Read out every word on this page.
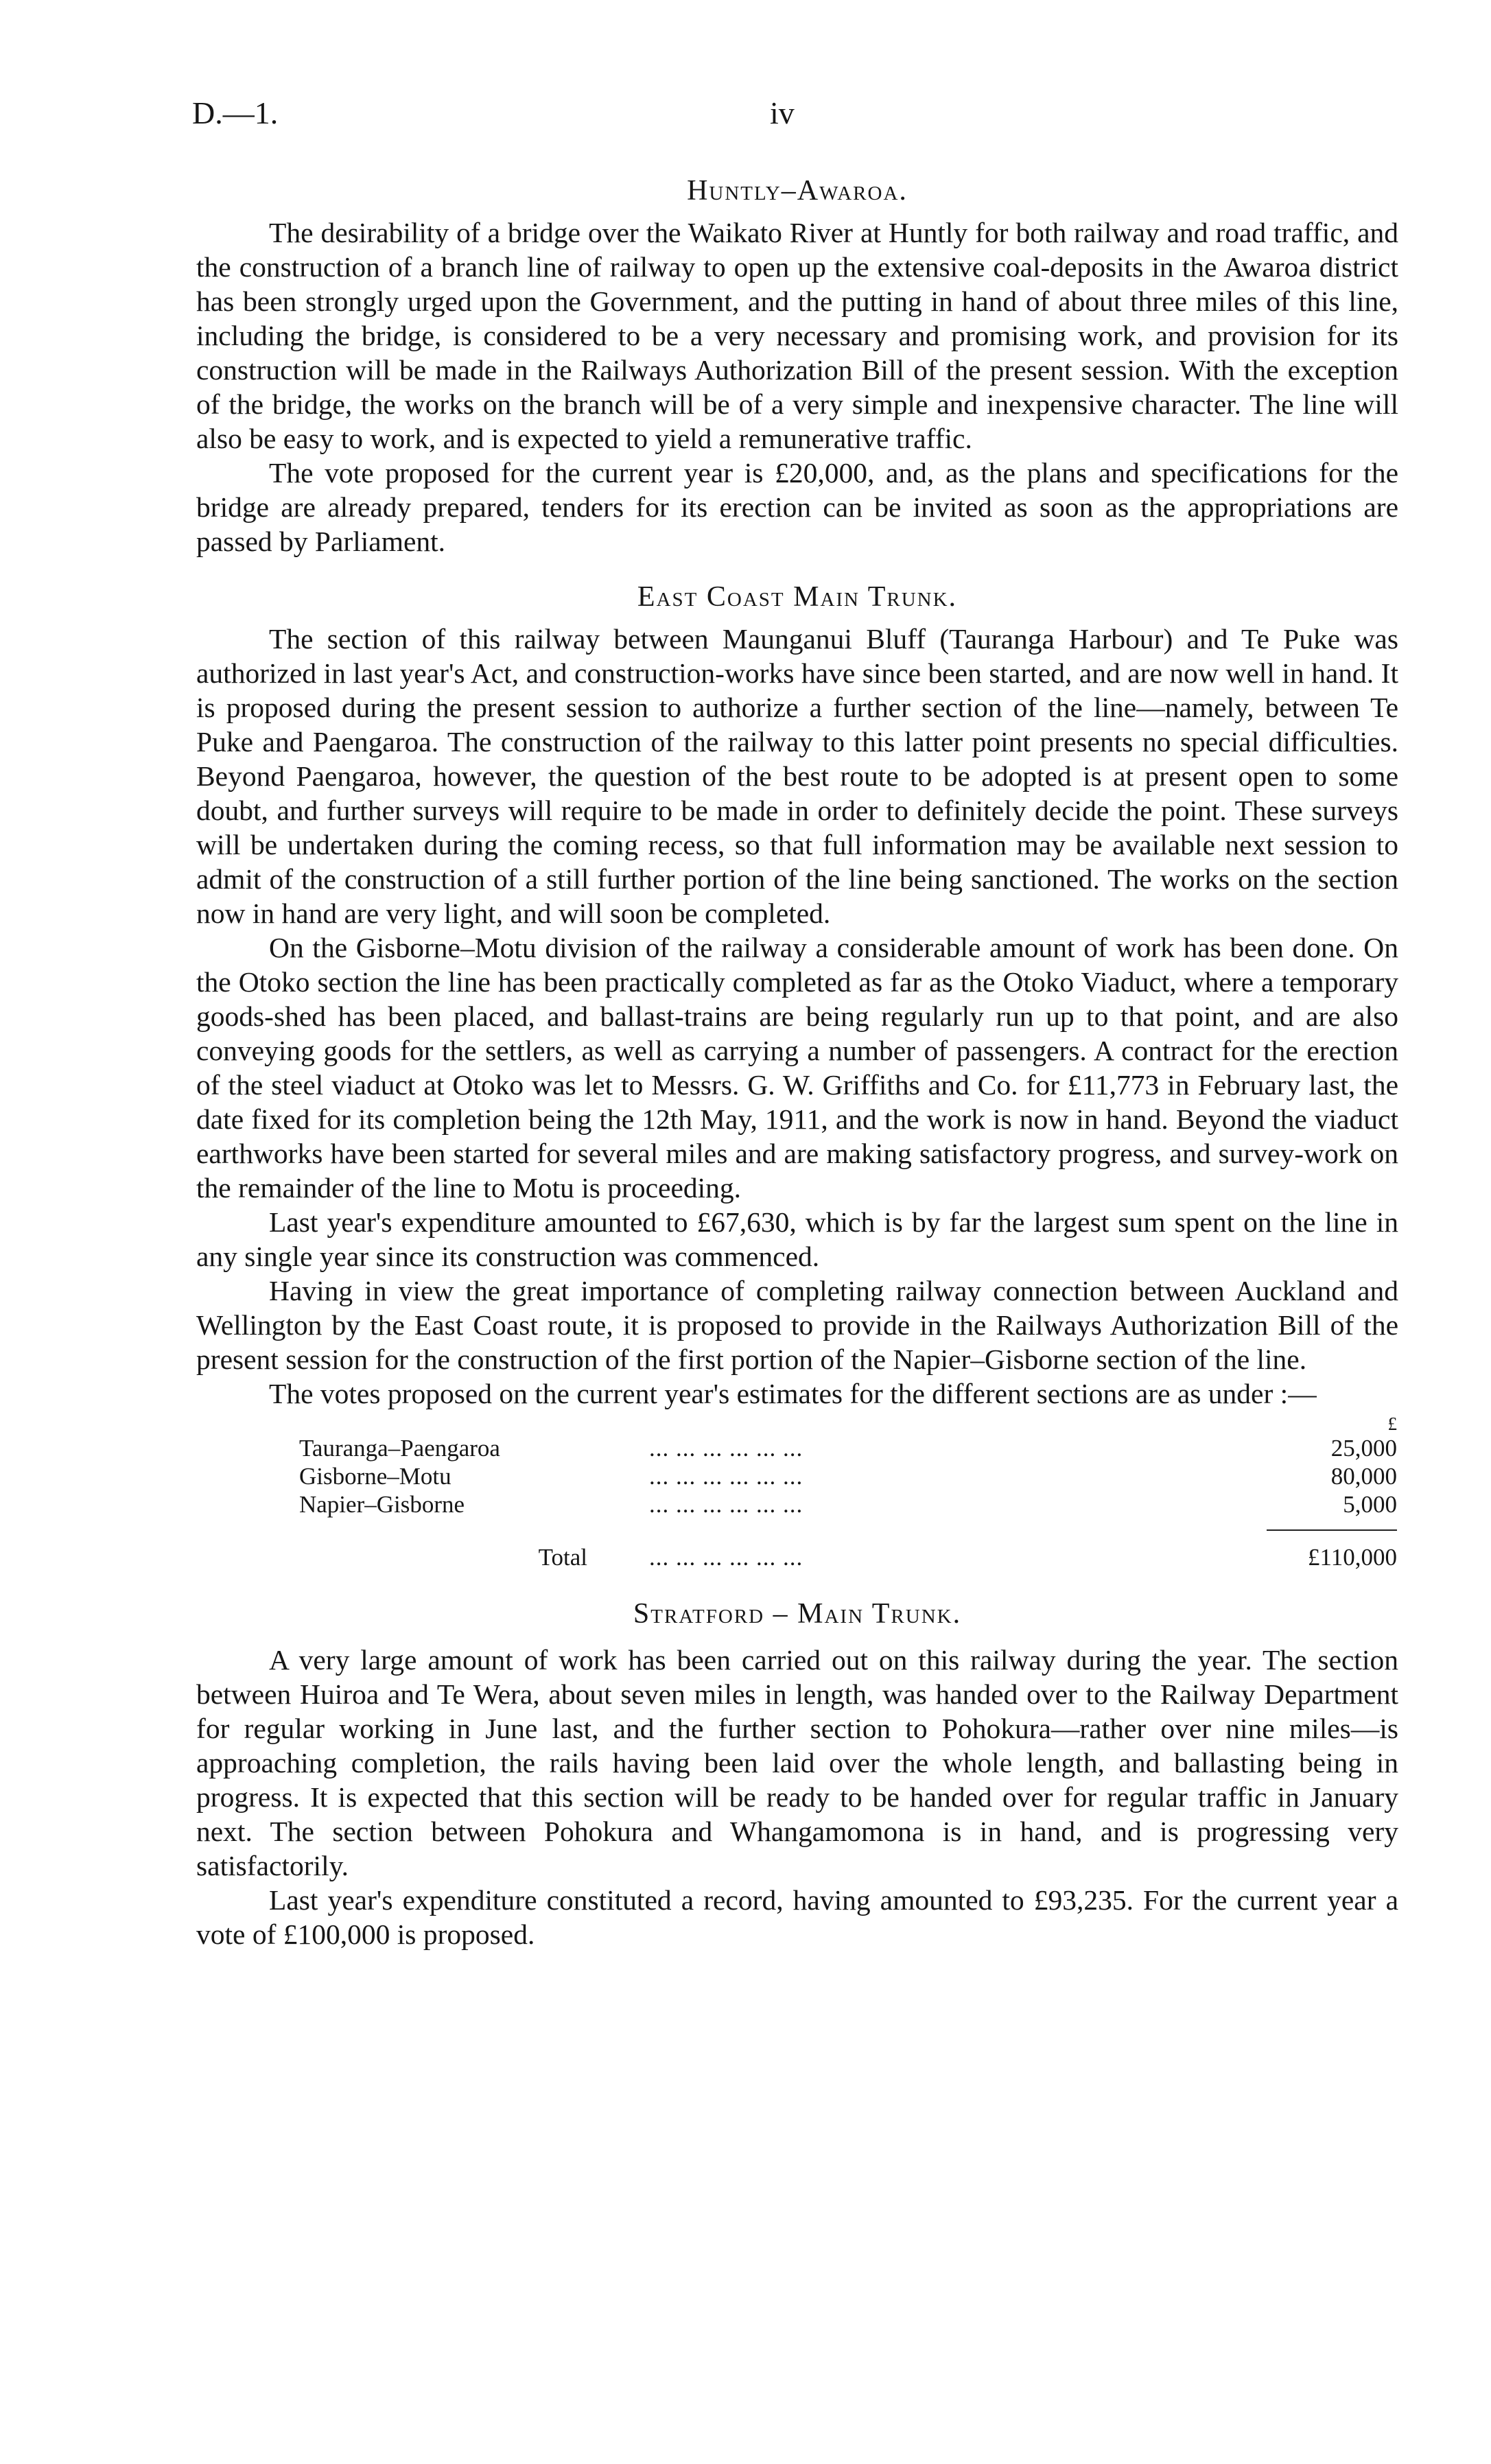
D.—1.	iv
Huntly–Awaroa.

The desirability of a bridge over the Waikato River at Huntly for both railway and road traffic, and the construction of a branch line of railway to open up the extensive coal-deposits in the Awaroa district has been strongly urged upon the Government, and the putting in hand of about three miles of this line, including the bridge, is considered to be a very necessary and promising work, and provision for its construction will be made in the Railways Authorization Bill of the present session. With the exception of the bridge, the works on the branch will be of a very simple and inexpensive character. The line will also be easy to work, and is expected to yield a remunerative traffic.

The vote proposed for the current year is £20,000, and, as the plans and specifications for the bridge are already prepared, tenders for its erection can be invited as soon as the appropriations are passed by Parliament.

East Coast Main Trunk.

The section of this railway between Maunganui Bluff (Tauranga Harbour) and Te Puke was authorized in last year's Act, and construction-works have since been started, and are now well in hand. It is proposed during the present session to authorize a further section of the line—namely, between Te Puke and Paengaroa. The construction of the railway to this latter point presents no special difficulties. Beyond Paengaroa, however, the question of the best route to be adopted is at present open to some doubt, and further surveys will require to be made in order to definitely decide the point. These surveys will be undertaken during the coming recess, so that full information may be available next session to admit of the construction of a still further portion of the line being sanctioned. The works on the section now in hand are very light, and will soon be completed.

On the Gisborne–Motu division of the railway a considerable amount of work has been done. On the Otoko section the line has been practically completed as far as the Otoko Viaduct, where a temporary goods-shed has been placed, and ballast-trains are being regularly run up to that point, and are also conveying goods for the settlers, as well as carrying a number of passengers. A contract for the erection of the steel viaduct at Otoko was let to Messrs. G. W. Griffiths and Co. for £11,773 in February last, the date fixed for its completion being the 12th May, 1911, and the work is now in hand. Beyond the viaduct earthworks have been started for several miles and are making satisfactory progress, and survey-work on the remainder of the line to Motu is proceeding.

Last year's expenditure amounted to £67,630, which is by far the largest sum spent on the line in any single year since its construction was commenced.

Having in view the great importance of completing railway connection between Auckland and Wellington by the East Coast route, it is proposed to provide in the Railways Authorization Bill of the present session for the construction of the first portion of the Napier–Gisborne section of the line.

The votes proposed on the current year's estimates for the different sections are as under :—

		£
Tauranga–Paengaroa	... ... ... ... ... ...	25,000
Gisborne–Motu	... ... ... ... ... ...	80,000
Napier–Gisborne	... ... ... ... ... ...	5,000

Total	... ... ... ... ... ...	£110,000
Stratford – Main Trunk.

A very large amount of work has been carried out on this railway during the year. The section between Huiroa and Te Wera, about seven miles in length, was handed over to the Railway Department for regular working in June last, and the further section to Pohokura—rather over nine miles—is approaching completion, the rails having been laid over the whole length, and ballasting being in progress. It is expected that this section will be ready to be handed over for regular traffic in January next. The section between Pohokura and Whangamomona is in hand, and is progressing very satisfactorily.

Last year's expenditure constituted a record, having amounted to £93,235. For the current year a vote of £100,000 is proposed.
